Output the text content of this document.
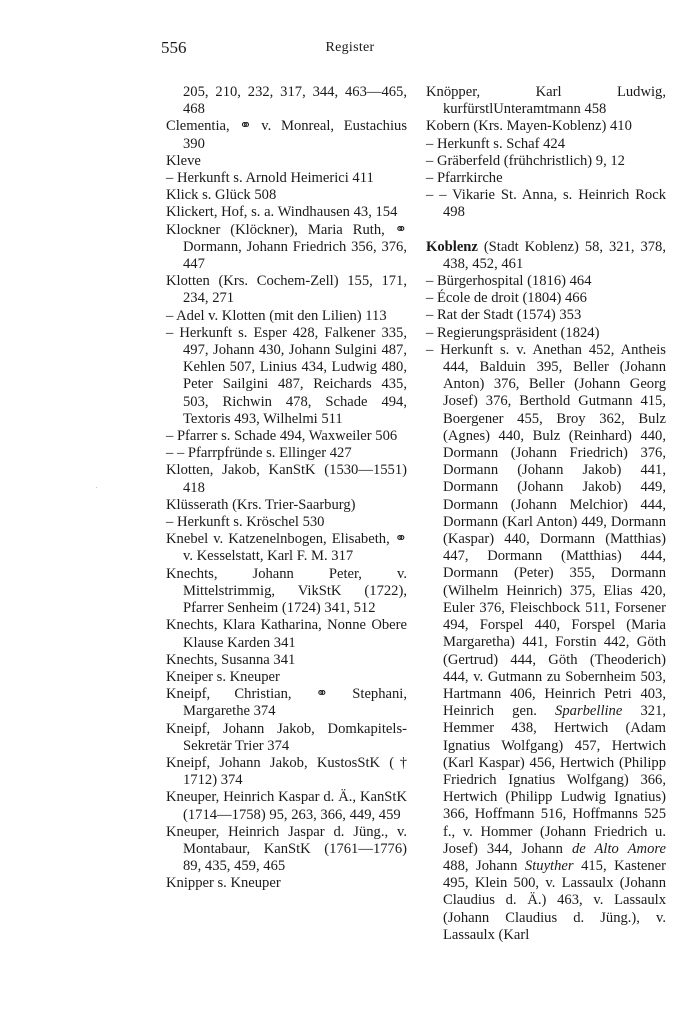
556	Register

205, 210, 232, 317, 344, 463—465, 468

Clementia, ⚭ v. Monreal, Eustachius 390

Kleve

– Herkunft s. Arnold Heimerici 411

Klick s. Glück 508

Klickert, Hof, s. a. Windhausen 43, 154

Klockner (Klöckner), Maria Ruth, ⚭ Dormann, Johann Friedrich 356, 376, 447

Klotten (Krs. Cochem-Zell) 155, 171, 234, 271

– Adel v. Klotten (mit den Lilien) 113

– Herkunft s. Esper 428, Falkener 335, 497, Johann 430, Johann Sulgini 487, Kehlen 507, Linius 434, Ludwig 480, Peter Sailgini 487, Reichards 435, 503, Richwin 478, Schade 494, Textoris 493, Wilhelmi 511

– Pfarrer s. Schade 494, Waxweiler 506

– – Pfarrpfründe s. Ellinger 427

Klotten, Jakob, KanStK (1530—1551) 418

Klüsserath (Krs. Trier-Saarburg)

– Herkunft s. Kröschel 530

Knebel v. Katzenelnbogen, Elisabeth, ⚭ v. Kesselstatt, Karl F. M. 317

Knechts, Johann Peter, v. Mittelstrimmig, VikStK (1722), Pfarrer Senheim (1724) 341, 512

Knechts, Klara Katharina, Nonne Obere Klause Karden 341

Knechts, Susanna 341

Kneiper s. Kneuper

Kneipf, Christian, ⚭ Stephani, Margarethe 374

Kneipf, Johann Jakob, Domkapitels-Sekretär Trier 374

Kneipf, Johann Jakob, KustosStK († 1712) 374

Kneuper, Heinrich Kaspar d. Ä., KanStK (1714—1758) 95, 263, 366, 449, 459

Kneuper, Heinrich Jaspar d. Jüng., v. Montabaur, KanStK (1761—1776) 89, 435, 459, 465

Knipper s. Kneuper

Knöpper, Karl Ludwig, kurfürstlUnteramtmann 458

Kobern (Krs. Mayen-Koblenz) 410

– Herkunft s. Schaf 424

– Gräberfeld (frühchristlich) 9, 12

– Pfarrkirche

– – Vikarie St. Anna, s. Heinrich Rock 498

Koblenz (Stadt Koblenz) 58, 321, 378, 438, 452, 461

– Bürgerhospital (1816) 464

– École de droit (1804) 466

– Rat der Stadt (1574) 353

– Regierungspräsident (1824)

– Herkunft s. v. Anethan 452, Antheis 444, Balduin 395, Beller (Johann Anton) 376, Beller (Johann Georg Josef) 376, Berthold Gutmann 415, Boergener 455, Broy 362, Bulz (Agnes) 440, Bulz (Reinhard) 440, Dormann (Johann Friedrich) 376, Dormann (Johann Jakob) 441, Dormann (Johann Jakob) 449, Dormann (Johann Melchior) 444, Dormann (Karl Anton) 449, Dormann (Kaspar) 440, Dormann (Matthias) 447, Dormann (Matthias) 444, Dormann (Peter) 355, Dormann (Wilhelm Heinrich) 375, Elias 420, Euler 376, Fleischbock 511, Forsener 494, Forspel 440, Forspel (Maria Margaretha) 441, Forstin 442, Göth (Gertrud) 444, Göth (Theoderich) 444, v. Gutmann zu Sobernheim 503, Hartmann 406, Heinrich Petri 403, Heinrich gen. Sparbelline 321, Hemmer 438, Hertwich (Adam Ignatius Wolfgang) 457, Hertwich (Karl Kaspar) 456, Hertwich (Philipp Friedrich Ignatius Wolfgang) 366, Hertwich (Philipp Ludwig Ignatius) 366, Hoffmann 516, Hoffmanns 525 f., v. Hommer (Johann Friedrich u. Josef) 344, Johann de Alto Amore 488, Johann Stuyther 415, Kastener 495, Klein 500, v. Lassaulx (Johann Claudius d. Ä.) 463, v. Lassaulx (Johann Claudius d. Jüng.), v. Lassaulx (Karl
